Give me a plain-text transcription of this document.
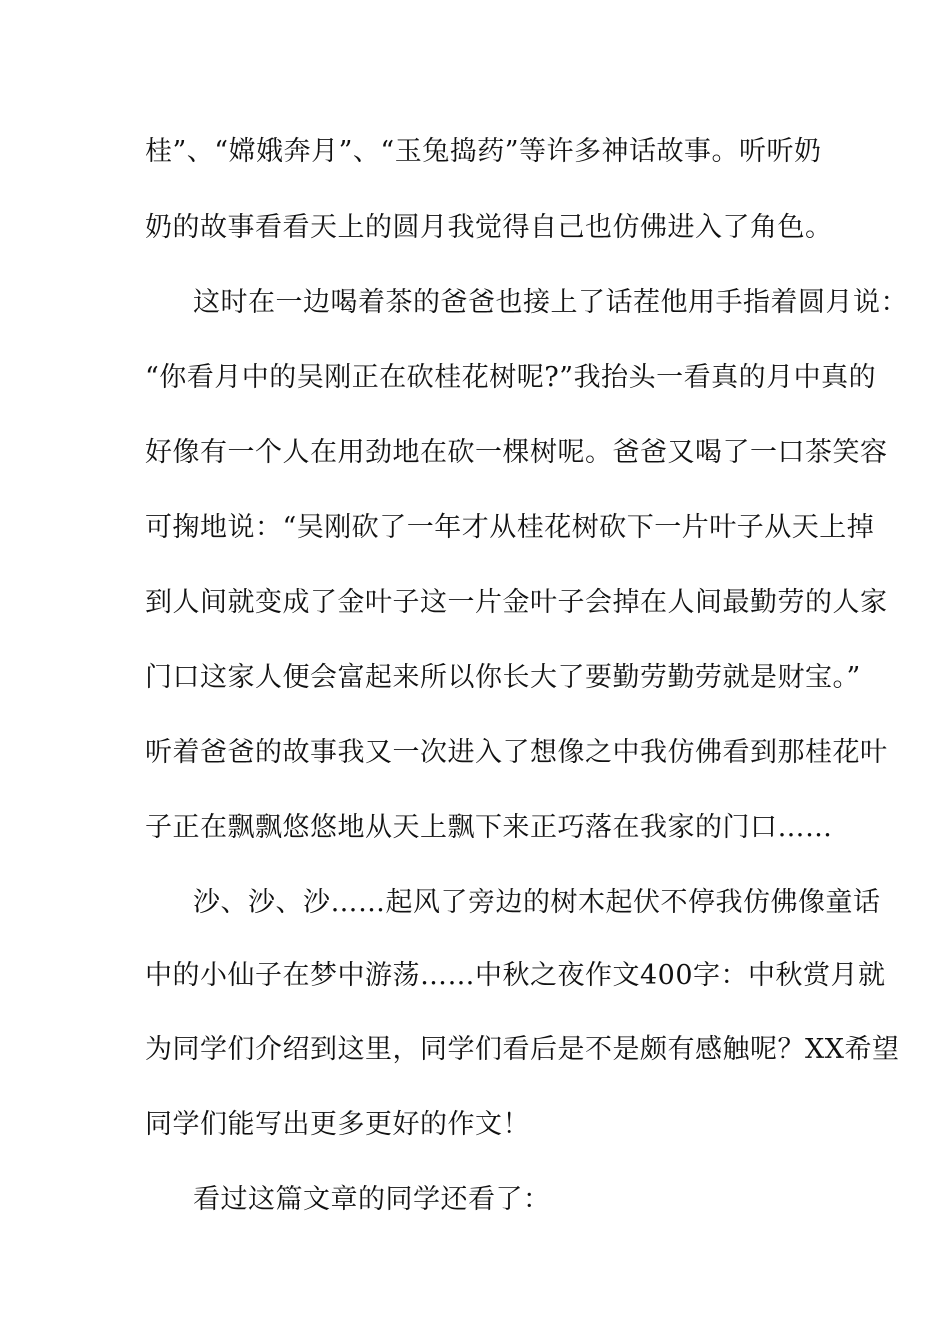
桂”、“嫦娥奔月”、“玉兔捣药”等许多神话故事。听听奶
奶的故事看看天上的圆月我觉得自己也仿佛进入了角色。
这时在一边喝着茶的爸爸也接上了话茬他用手指着圆月说：
“你看月中的吴刚正在砍桂花树呢?”我抬头一看真的月中真的
好像有一个人在用劲地在砍一棵树呢。爸爸又喝了一口茶笑容
可掬地说：“吴刚砍了一年才从桂花树砍下一片叶子从天上掉
到人间就变成了金叶子这一片金叶子会掉在人间最勤劳的人家
门口这家人便会富起来所以你长大了要勤劳勤劳就是财宝。”
听着爸爸的故事我又一次进入了想像之中我仿佛看到那桂花叶
子正在飘飘悠悠地从天上飘下来正巧落在我家的门口……
沙、沙、沙……起风了旁边的树木起伏不停我仿佛像童话
中的小仙子在梦中游荡……中秋之夜作文400字：中秋赏月就
为同学们介绍到这里，同学们看后是不是颇有感触呢？XX希望
同学们能写出更多更好的作文！
看过这篇文章的同学还看了：
